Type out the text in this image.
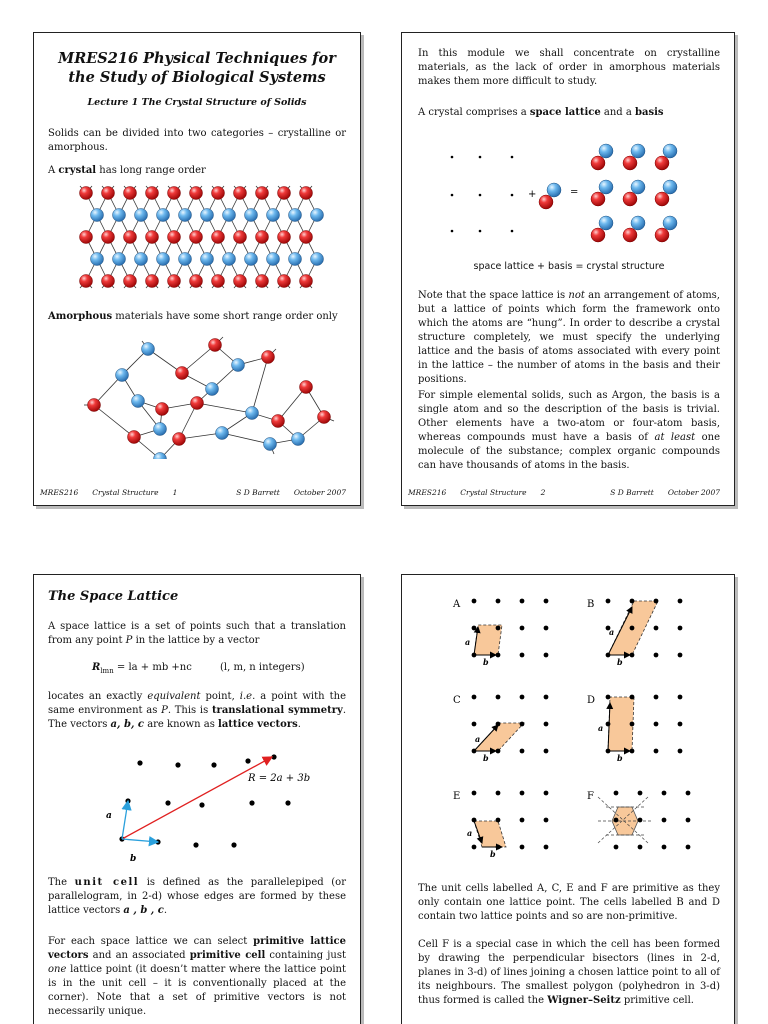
MRES216 Physical Techniques for
the Study of Biological Systems
Lecture 1 The Crystal Structure of Solids
Solids can be divided into two categories – crystalline or amorphous.
A crystal has long range order
Amorphous materials have some short range order only
MRES216 Crystal Structure 1	S D Barrett October 2007
In this module we shall concentrate on crystalline materials, as the lack of order in amorphous materials makes them more difficult to study.
A crystal comprises a space lattice and a basis
+	=
space lattice + basis = crystal structure
Note that the space lattice is not an arrangement of atoms, but a lattice of points which form the framework onto which the atoms are “hung”. In order to describe a crystal structure completely, we must specify the underlying lattice and the basis of atoms associated with every point in the lattice – the number of atoms in the basis and their positions.
For simple elemental solids, such as Argon, the basis is a single atom and so the description of the basis is trivial. Other elements have a two-atom or four-atom basis, whereas compounds must have a basis of at least one molecule of the substance; complex organic compounds can have thousands of atoms in the basis.
MRES216 Crystal Structure 2	S D Barrett October 2007
The Space Lattice
A space lattice is a set of points such that a translation from any point P in the lattice by a vector
$R_{lmn}$ = la + mb +nc	(l, m, n integers)
locates an exactly equivalent point, i.e. a point with the same environment as P. This is translational symmetry. The vectors a, b, c are known as lattice vectors.
R = 2a + 3b
a
b
The unit cell is defined as the parallelepiped (or parallelogram, in 2-d) whose edges are formed by these lattice vectors a , b , c.
For each space lattice we can select primitive lattice vectors and an associated primitive cell containing just one lattice point (it doesn’t matter where the lattice point is in the unit cell – it is conventionally placed at the corner). Note that a set of primitive vectors is not necessarily unique.
A
a
b
B
a
b
C
a
b
D
a
b
E
a
b
F
The unit cells labelled A, C, E and F are primitive as they only contain one lattice point. The cells labelled B and D contain two lattice points and so are non-primitive.
Cell F is a special case in which the cell has been formed by drawing the perpendicular bisectors (lines in 2-d, planes in 3-d) of lines joining a chosen lattice point to all of its neighbours. The smallest polygon (polyhedron in 3-d) thus formed is called the Wigner–Seitz primitive cell.
